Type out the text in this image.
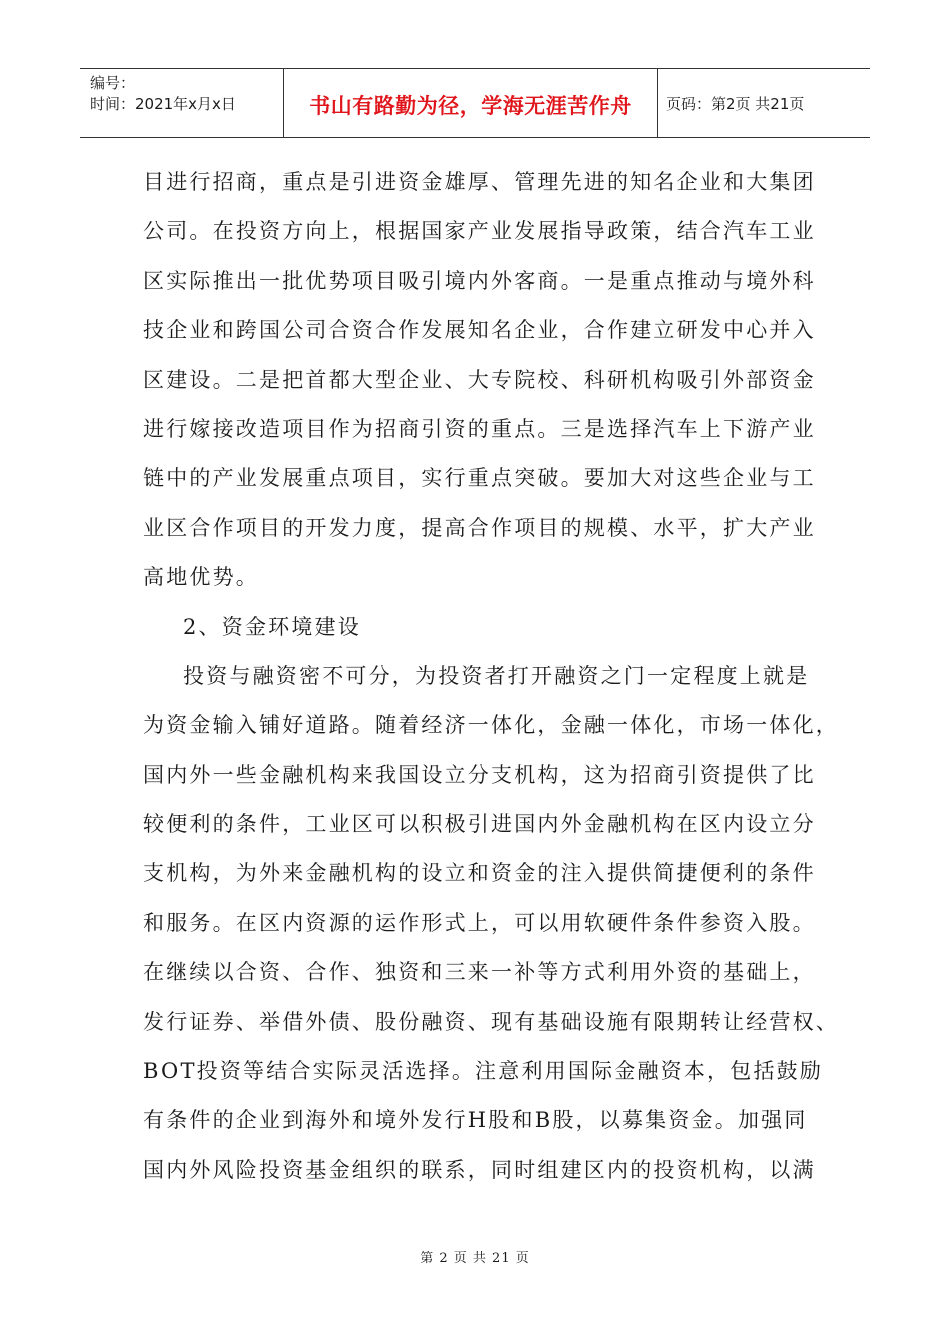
编号：
时间：2021年x月x日	书山有路勤为径，学海无涯苦作舟 页码：第2页 共21页
目进行招商，重点是引进资金雄厚、管理先进的知名企业和大集团
公司。在投资方向上，根据国家产业发展指导政策，结合汽车工业
区实际推出一批优势项目吸引境内外客商。一是重点推动与境外科
技企业和跨国公司合资合作发展知名企业，合作建立研发中心并入
区建设。二是把首都大型企业、大专院校、科研机构吸引外部资金
进行嫁接改造项目作为招商引资的重点。三是选择汽车上下游产业
链中的产业发展重点项目，实行重点突破。要加大对这些企业与工
业区合作项目的开发力度，提高合作项目的规模、水平，扩大产业
高地优势。
2、资金环境建设
投资与融资密不可分，为投资者打开融资之门一定程度上就是
为资金输入铺好道路。随着经济一体化，金融一体化，市场一体化，
国内外一些金融机构来我国设立分支机构，这为招商引资提供了比
较便利的条件，工业区可以积极引进国内外金融机构在区内设立分
支机构，为外来金融机构的设立和资金的注入提供简捷便利的条件
和服务。在区内资源的运作形式上，可以用软硬件条件参资入股。
在继续以合资、合作、独资和三来一补等方式利用外资的基础上，
发行证券、举借外债、股份融资、现有基础设施有限期转让经营权、
BOT投资等结合实际灵活选择。注意利用国际金融资本，包括鼓励
有条件的企业到海外和境外发行H股和B股，以募集资金。加强同
国内外风险投资基金组织的联系，同时组建区内的投资机构，以满
第 2 页 共 21 页
